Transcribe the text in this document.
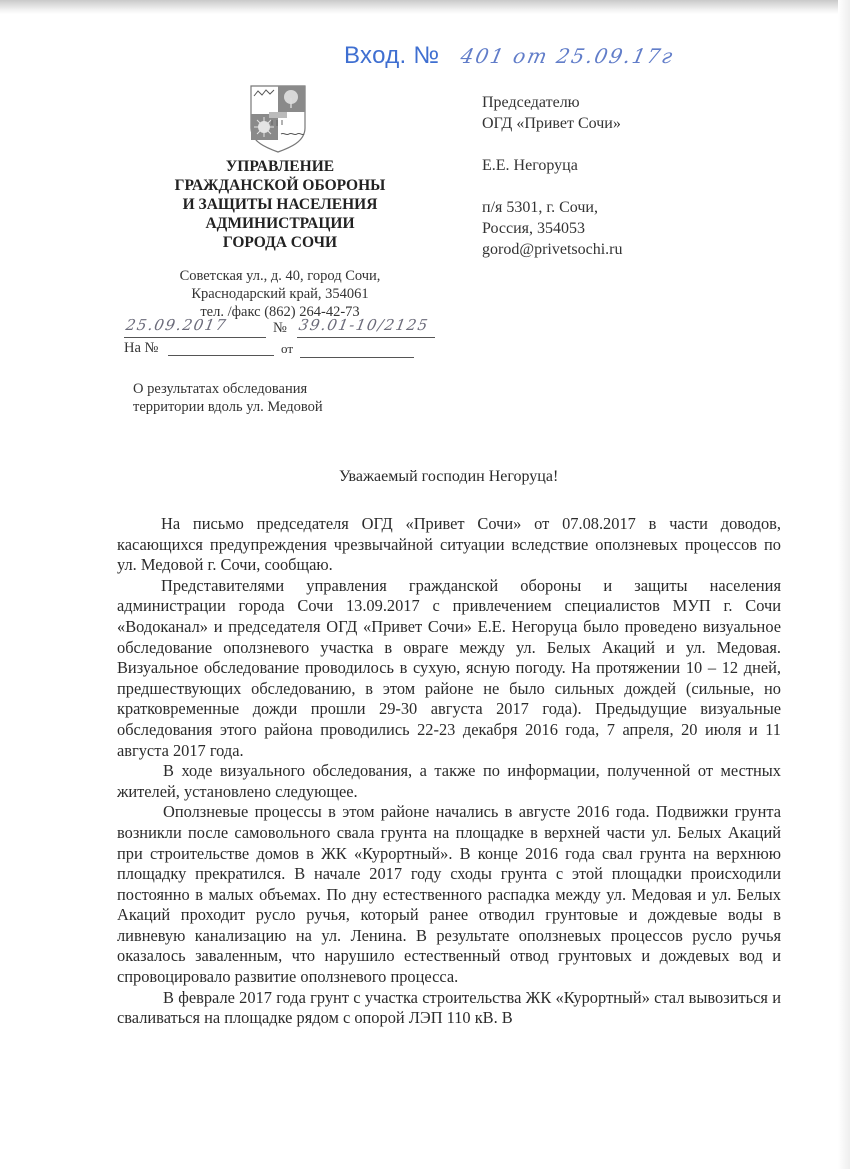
Вход. № 401 от 25.09.17г
УПРАВЛЕНИЕ
ГРАЖДАНСКОЙ ОБОРОНЫ
И ЗАЩИТЫ НАСЕЛЕНИЯ
АДМИНИСТРАЦИИ
ГОРОДА СОЧИ
Советская ул., д. 40, город Сочи,
Краснодарский край, 354061
тел. /факс (862) 264-42-73
25.09.2017	№ 39.01-10/2125
На №	от
О результатах обследования
территории вдоль ул. Медовой
Председателю
ОГД «Привет Сочи»
Е.Е. Негоруца
п/я 5301, г. Сочи,
Россия, 354053
gorod@privetsochi.ru
Уважаемый господин Негоруца!

На письмо председателя ОГД «Привет Сочи» от 07.08.2017 в части доводов, касающихся предупреждения чрезвычайной ситуации вследствие оползневых процессов по ул. Медовой г. Сочи, сообщаю.

Представителями управления гражданской обороны и защиты населения администрации города Сочи 13.09.2017 с привлечением специалистов МУП г. Сочи «Водоканал» и председателя ОГД «Привет Сочи» Е.Е. Негоруца было проведено визуальное обследование оползневого участка в овраге между ул. Белых Акаций и ул. Медовая. Визуальное обследование проводилось в сухую, ясную погоду. На протяжении 10 – 12 дней, предшествующих обследованию, в этом районе не было сильных дождей (сильные, но кратковременные дожди прошли 29-30 августа 2017 года). Предыдущие визуальные обследования этого района проводились 22-23 декабря 2016 года, 7 апреля, 20 июля и 11 августа 2017 года.

В ходе визуального обследования, а также по информации, полученной от местных жителей, установлено следующее.

Оползневые процессы в этом районе начались в августе 2016 года. Подвижки грунта возникли после самовольного свала грунта на площадке в верхней части ул. Белых Акаций при строительстве домов в ЖК «Курортный». В конце 2016 года свал грунта на верхнюю площадку прекратился. В начале 2017 году сходы грунта с этой площадки происходили постоянно в малых объемах. По дну естественного распадка между ул. Медовая и ул. Белых Акаций проходит русло ручья, который ранее отводил грунтовые и дождевые воды в ливневую канализацию на ул. Ленина. В результате оползневых процессов русло ручья оказалось заваленным, что нарушило естественный отвод грунтовых и дождевых вод и спровоцировало развитие оползневого процесса.

В феврале 2017 года грунт с участка строительства ЖК «Курортный» стал вывозиться и сваливаться на площадке рядом с опорой ЛЭП 110 кВ. В
